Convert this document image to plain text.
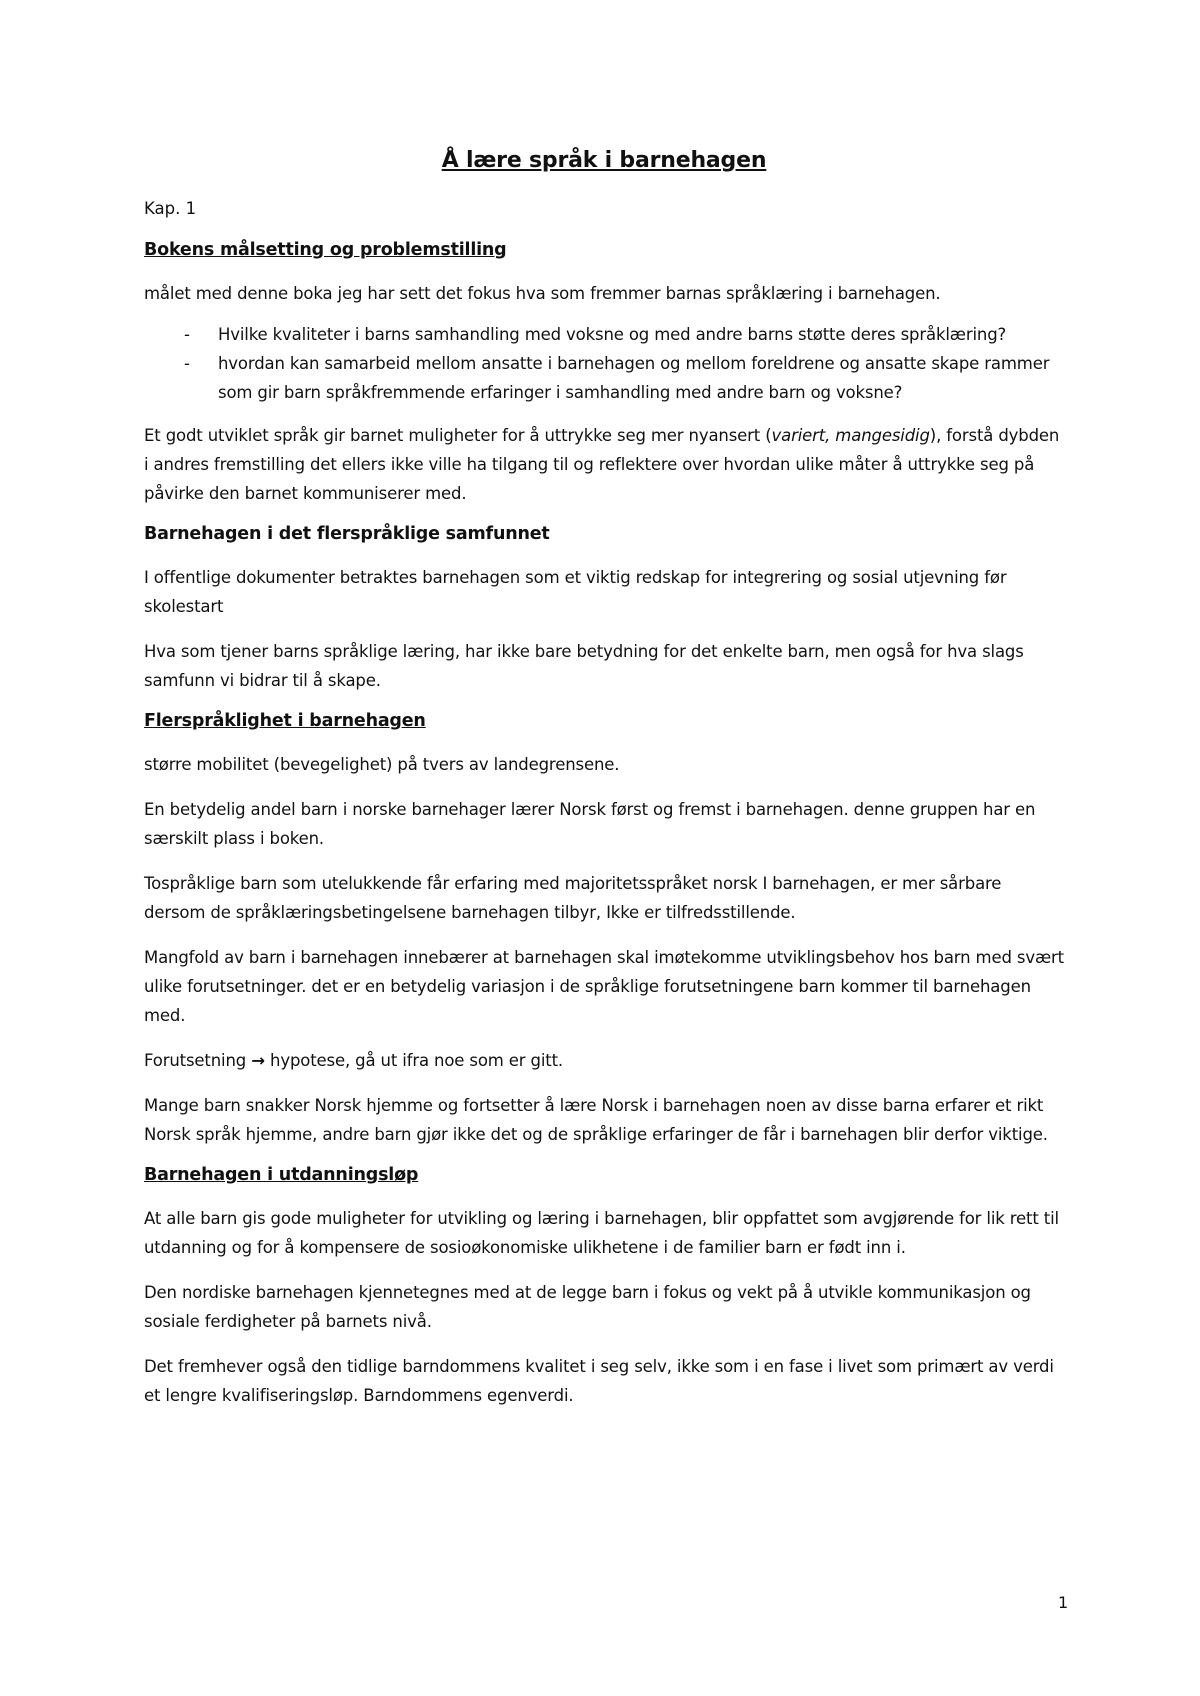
Å lære språk i barnehagen
Kap. 1
Bokens målsetting og problemstilling

målet med denne boka jeg har sett det fokus hva som fremmer barnas språklæring i barnehagen.

- Hvilke kvaliteter i barns samhandling med voksne og med andre barns støtte deres språklæring?
- hvordan kan samarbeid mellom ansatte i barnehagen og mellom foreldrene og ansatte skape rammer som gir barn språkfremmende erfaringer i samhandling med andre barn og voksne?

Et godt utviklet språk gir barnet muligheter for å uttrykke seg mer nyansert (variert, mangesidig), forstå dybden i andres fremstilling det ellers ikke ville ha tilgang til og reflektere over hvordan ulike måter å uttrykke seg på påvirke den barnet kommuniserer med.

Barnehagen i det flerspråklige samfunnet

I offentlige dokumenter betraktes barnehagen som et viktig redskap for integrering og sosial utjevning før skolestart

Hva som tjener barns språklige læring, har ikke bare betydning for det enkelte barn, men også for hva slags samfunn vi bidrar til å skape.

Flerspråklighet i barnehagen

større mobilitet (bevegelighet) på tvers av landegrensene.

En betydelig andel barn i norske barnehager lærer Norsk først og fremst i barnehagen. denne gruppen har en særskilt plass i boken.

Tospråklige barn som utelukkende får erfaring med majoritetsspråket norsk I barnehagen, er mer sårbare dersom de språklæringsbetingelsene barnehagen tilbyr, Ikke er tilfredsstillende.

Mangfold av barn i barnehagen innebærer at barnehagen skal imøtekomme utviklingsbehov hos barn med svært ulike forutsetninger. det er en betydelig variasjon i de språklige forutsetningene barn kommer til barnehagen med.

Forutsetning → hypotese, gå ut ifra noe som er gitt.

Mange barn snakker Norsk hjemme og fortsetter å lære Norsk i barnehagen noen av disse barna erfarer et rikt Norsk språk hjemme, andre barn gjør ikke det og de språklige erfaringer de får i barnehagen blir derfor viktige.

Barnehagen i utdanningsløp

At alle barn gis gode muligheter for utvikling og læring i barnehagen, blir oppfattet som avgjørende for lik rett til utdanning og for å kompensere de sosioøkonomiske ulikhetene i de familier barn er født inn i.

Den nordiske barnehagen kjennetegnes med at de legge barn i fokus og vekt på å utvikle kommunikasjon og sosiale ferdigheter på barnets nivå.

Det fremhever også den tidlige barndommens kvalitet i seg selv, ikke som i en fase i livet som primært av verdi et lengre kvalifiseringsløp. Barndommens egenverdi.

1
